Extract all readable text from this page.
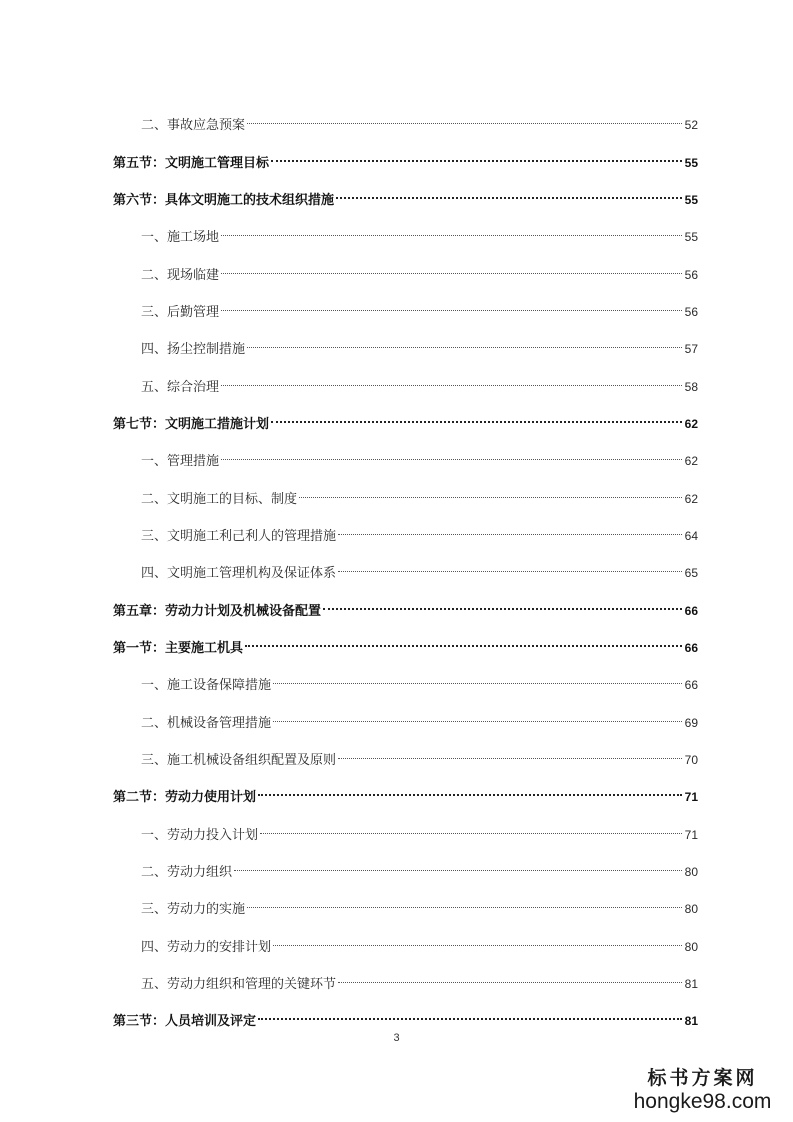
二、事故应急预案	52
第五节：文明施工管理目标	55
第六节：具体文明施工的技术组织措施	55
一、施工场地	55
二、现场临建	56
三、后勤管理	56
四、扬尘控制措施	57
五、综合治理	58
第七节：文明施工措施计划	62
一、管理措施	62
二、文明施工的目标、制度	62
三、文明施工利己利人的管理措施	64
四、文明施工管理机构及保证体系	65
第五章：劳动力计划及机械设备配置	66
第一节：主要施工机具	66
一、施工设备保障措施	66
二、机械设备管理措施	69
三、施工机械设备组织配置及原则	70
第二节：劳动力使用计划	71
一、劳动力投入计划	71
二、劳动力组织	80
三、劳动力的实施	80
四、劳动力的安排计划	80
五、劳动力组织和管理的关键环节	81
第三节：人员培训及评定	81
3
标书方案网
hongke98.com
